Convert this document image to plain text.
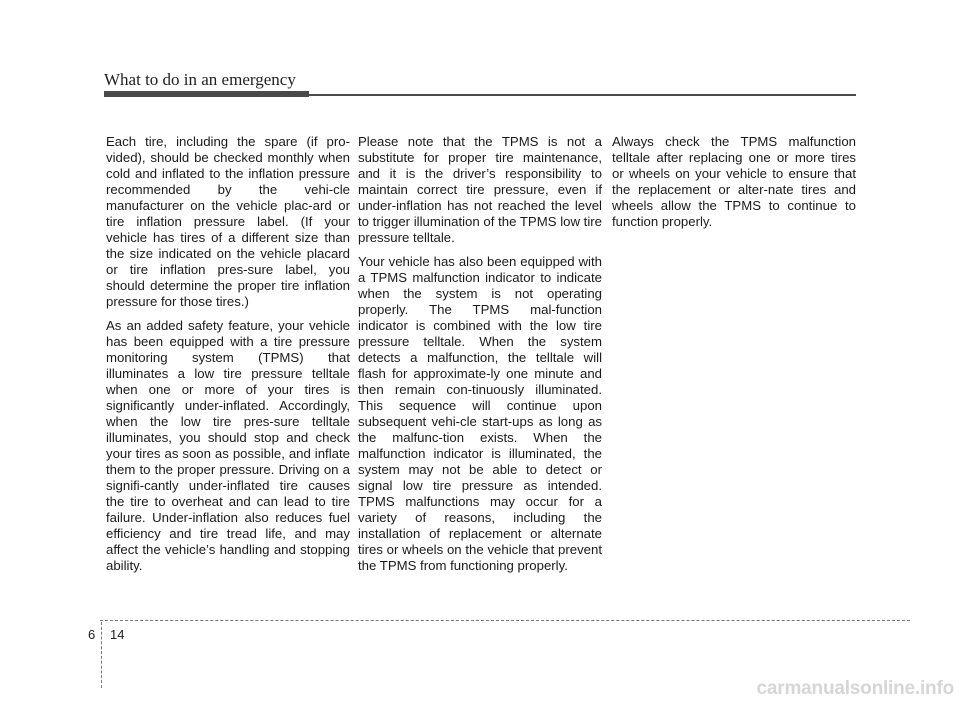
What to do in an emergency

Each tire, including the spare (if pro-vided), should be checked monthly when cold and inflated to the inflation pressure recommended by the vehi-cle manufacturer on the vehicle plac-ard or tire inflation pressure label. (If your vehicle has tires of a different size than the size indicated on the vehicle placard or tire inflation pres-sure label, you should determine the proper tire inflation pressure for those tires.)

As an added safety feature, your vehicle has been equipped with a tire pressure monitoring system (TPMS) that illuminates a low tire pressure telltale when one or more of your tires is significantly under-inflated. Accordingly, when the low tire pres-sure telltale illuminates, you should stop and check your tires as soon as possible, and inflate them to the proper pressure. Driving on a signifi-cantly under-inflated tire causes the tire to overheat and can lead to tire failure. Under-inflation also reduces fuel efficiency and tire tread life, and may affect the vehicle’s handling and stopping ability.

Please note that the TPMS is not a substitute for proper tire maintenance, and it is the driver’s responsibility to maintain correct tire pressure, even if under-inflation has not reached the level to trigger illumination of the TPMS low tire pressure telltale.

Your vehicle has also been equipped with a TPMS malfunction indicator to indicate when the system is not operating properly. The TPMS mal-function indicator is combined with the low tire pressure telltale. When the system detects a malfunction, the telltale will flash for approximate-ly one minute and then remain con-tinuously illuminated. This sequence will continue upon subsequent vehi-cle start-ups as long as the malfunc-tion exists. When the malfunction indicator is illuminated, the system may not be able to detect or signal low tire pressure as intended. TPMS malfunctions may occur for a variety of reasons, including the installation of replacement or alternate tires or wheels on the vehicle that prevent the TPMS from functioning properly.

Always check the TPMS malfunction telltale after replacing one or more tires or wheels on your vehicle to ensure that the replacement or alter-nate tires and wheels allow the TPMS to continue to function properly.

6 14
carmanualsonline.info
